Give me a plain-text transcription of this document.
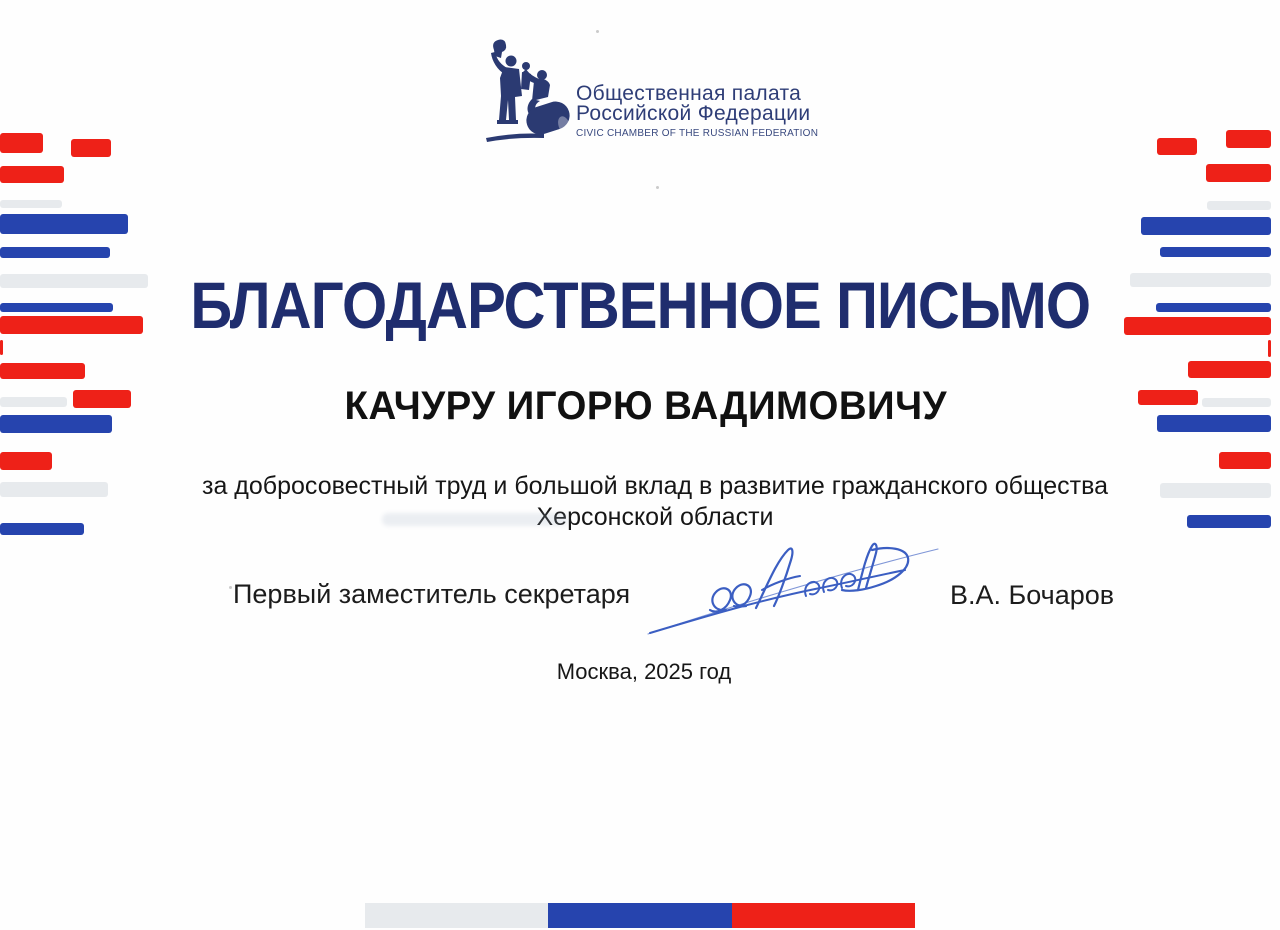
Общественная палата
Российской Федерации
CIVIC CHAMBER OF THE RUSSIAN FEDERATION
БЛАГОДАРСТВЕННОЕ ПИСЬМО
КАЧУРУ ИГОРЮ ВАДИМОВИЧУ
за добросовестный труд и большой вклад в развитие гражданского общества
Херсонской области
Первый заместитель секретаря	В.А. Бочаров
Москва, 2025 год
